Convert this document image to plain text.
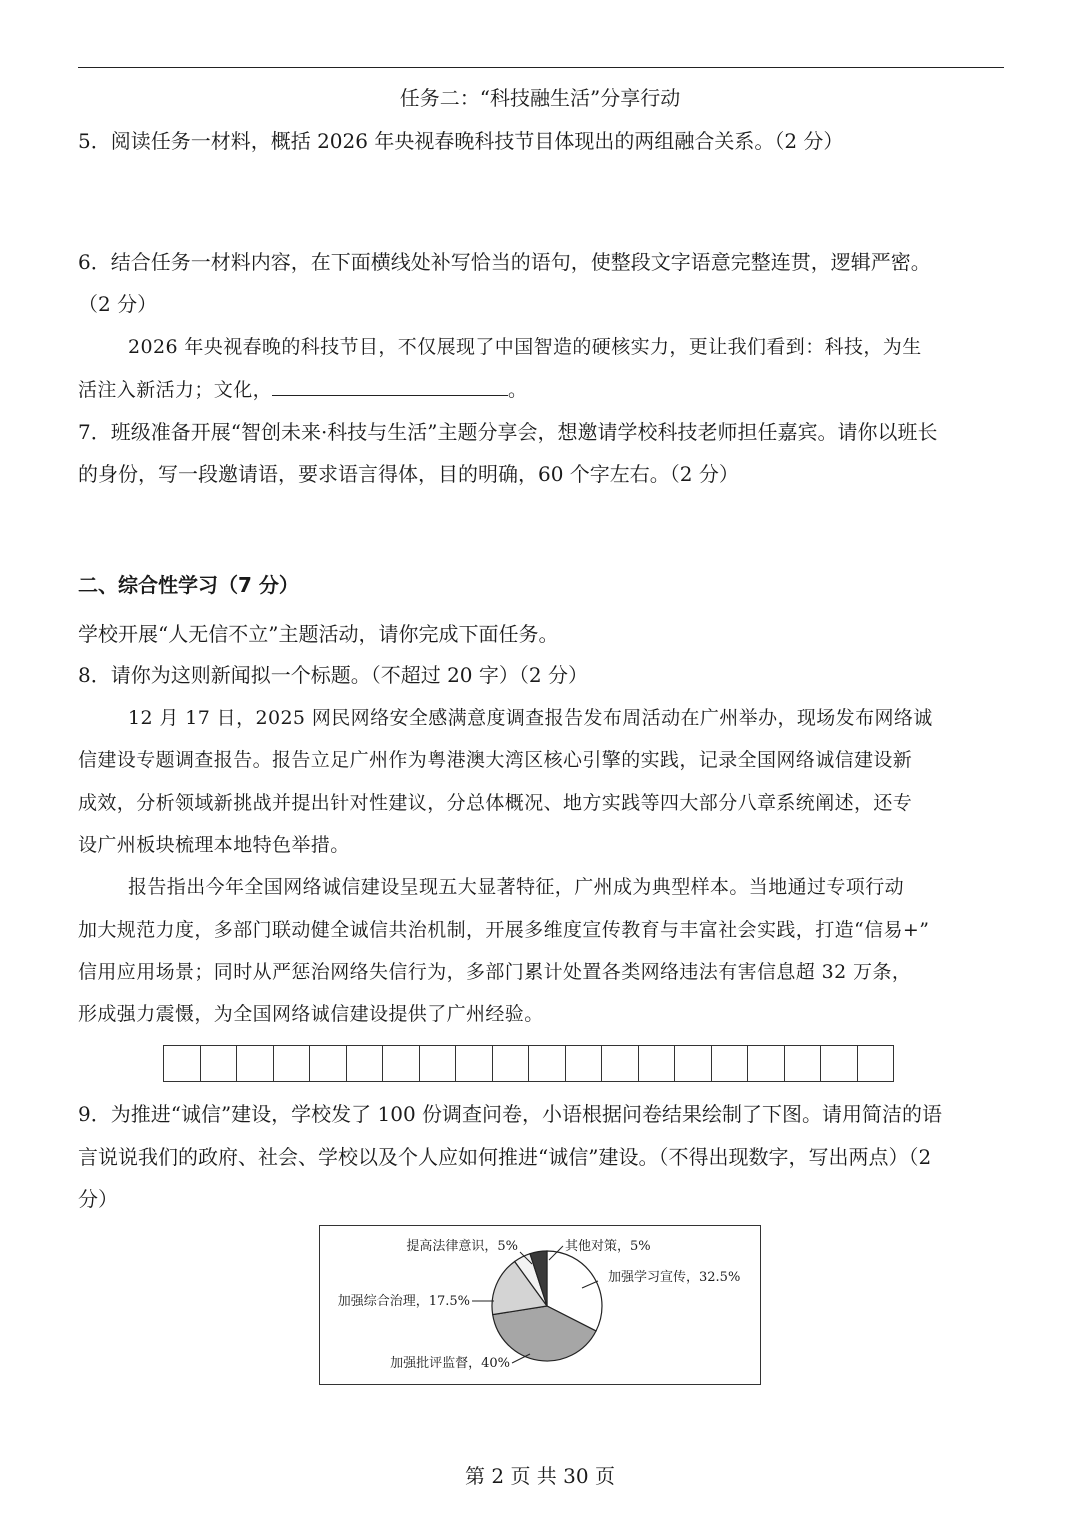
任务二：“科技融生活”分享行动

5．阅读任务一材料，概括 2026 年央视春晚科技节目体现出的两组融合关系。（2 分）

6．结合任务一材料内容，在下面横线处补写恰当的语句，使整段文字语意完整连贯，逻辑严密。

（2 分）

2026 年央视春晚的科技节目，不仅展现了中国智造的硬核实力，更让我们看到：科技，为生

活注入新活力；文化，	。

7．班级准备开展“智创未来·科技与生活”主题分享会，想邀请学校科技老师担任嘉宾。请你以班长

的身份，写一段邀请语，要求语言得体，目的明确，60 个字左右。（2 分）

二、综合性学习（7 分）

学校开展“人无信不立”主题活动，请你完成下面任务。

8．请你为这则新闻拟一个标题。（不超过 20 字）（2 分）

12 月 17 日，2025 网民网络安全感满意度调查报告发布周活动在广州举办，现场发布网络诚

信建设专题调查报告。报告立足广州作为粤港澳大湾区核心引擎的实践，记录全国网络诚信建设新

成效，分析领域新挑战并提出针对性建议，分总体概况、地方实践等四大部分八章系统阐述，还专

设广州板块梳理本地特色举措。

报告指出今年全国网络诚信建设呈现五大显著特征，广州成为典型样本。当地通过专项行动

加大规范力度，多部门联动健全诚信共治机制，开展多维度宣传教育与丰富社会实践，打造“信易+”

信用应用场景；同时从严惩治网络失信行为，多部门累计处置各类网络违法有害信息超 32 万条，

形成强力震慑，为全国网络诚信建设提供了广州经验。

9．为推进“诚信”建设，学校发了 100 份调查问卷，小语根据问卷结果绘制了下图。请用简洁的语

言说说我们的政府、社会、学校以及个人应如何推进“诚信”建设。（不得出现数字，写出两点）（2

分）

加强学习宣传，32.5%
加强批评监督，40%
加强综合治理，17.5%
提高法律意识，5%	其他对策，5%

第 2 页 共 30 页
